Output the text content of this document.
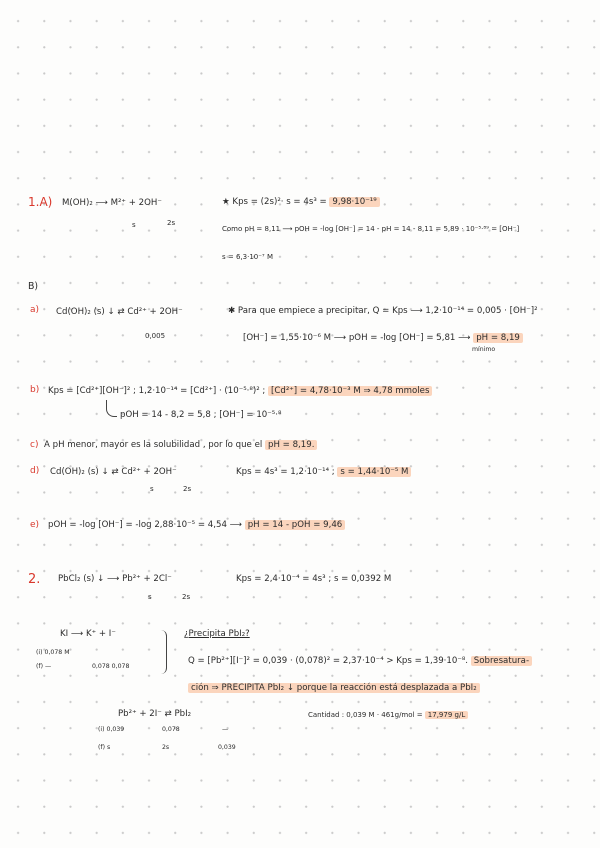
1.A) M(OH)₂ ⟶ M²⁺ + 2OH⁻
s	2s
★ Kps = (2s)²· s = 4s³ = 9,98·10⁻¹⁹
Como pH = 8,11 ⟶ pOH = -log [OH⁻] = 14 - pH = 14 - 8,11 = 5,89 · 10⁻⁵·⁸⁹ = [OH⁻]
s = 6,3·10⁻⁷ M
B)
a) Cd(OH)₂ (s) ↓ ⇄ Cd²⁺ + 2OH⁻	✱ Para que empiece a precipitar, Q = Kps ⟶ 1,2·10⁻¹⁴ = 0,005 · [OH⁻]²
0,005	[OH⁻] = 1,55·10⁻⁶ M ⟶ pOH = -log [OH⁻] = 5,81 ⟶ pH = 8,19
mínimo
b) Kps = [Cd²⁺][OH⁻]² ; 1,2·10⁻¹⁴ = [Cd²⁺] · (10⁻⁵·⁸)² ; [Cd²⁺] = 4,78·10⁻³ M ⇒ 4,78 mmoles
pOH = 14 - 8,2 = 5,8 ; [OH⁻] = 10⁻⁵·⁸
c) A pH menor, mayor es la solubilidad , por lo que el pH = 8,19.
d) Cd(OH)₂ (s) ↓ ⇄ Cd²⁺ + 2OH⁻	Kps = 4s³ = 1,2·10⁻¹⁴ ; s = 1,44·10⁻⁵ M
s	2s
e) pOH = -log [OH⁻] = -log 2,88·10⁻⁵ = 4,54 ⟶ pH = 14 - pOH = 9,46
2. PbCl₂ (s) ↓ ⟶ Pb²⁺ + 2Cl⁻
s	2s
Kps = 2,4·10⁻⁴ = 4s³ ; s = 0,0392 M
KI ⟶ K⁺ + I⁻
(i) 0,078 M
(f) —	0,078 0,078
¿Precipita PbI₂?
Q = [Pb²⁺][I⁻]² = 0,039 · (0,078)² = 2,37·10⁻⁴ > Kps = 1,39·10⁻⁸. Sobresatura-
ción ⇒ PRECIPITA PbI₂ ↓ porque la reacción está desplazada a PbI₂
Pb²⁺ + 2I⁻ ⇄ PbI₂
(i) 0,039	0,078	—
(f) s	2s	0,039
Cantidad : 0,039 M · 461g/mol = 17,979 g/L
